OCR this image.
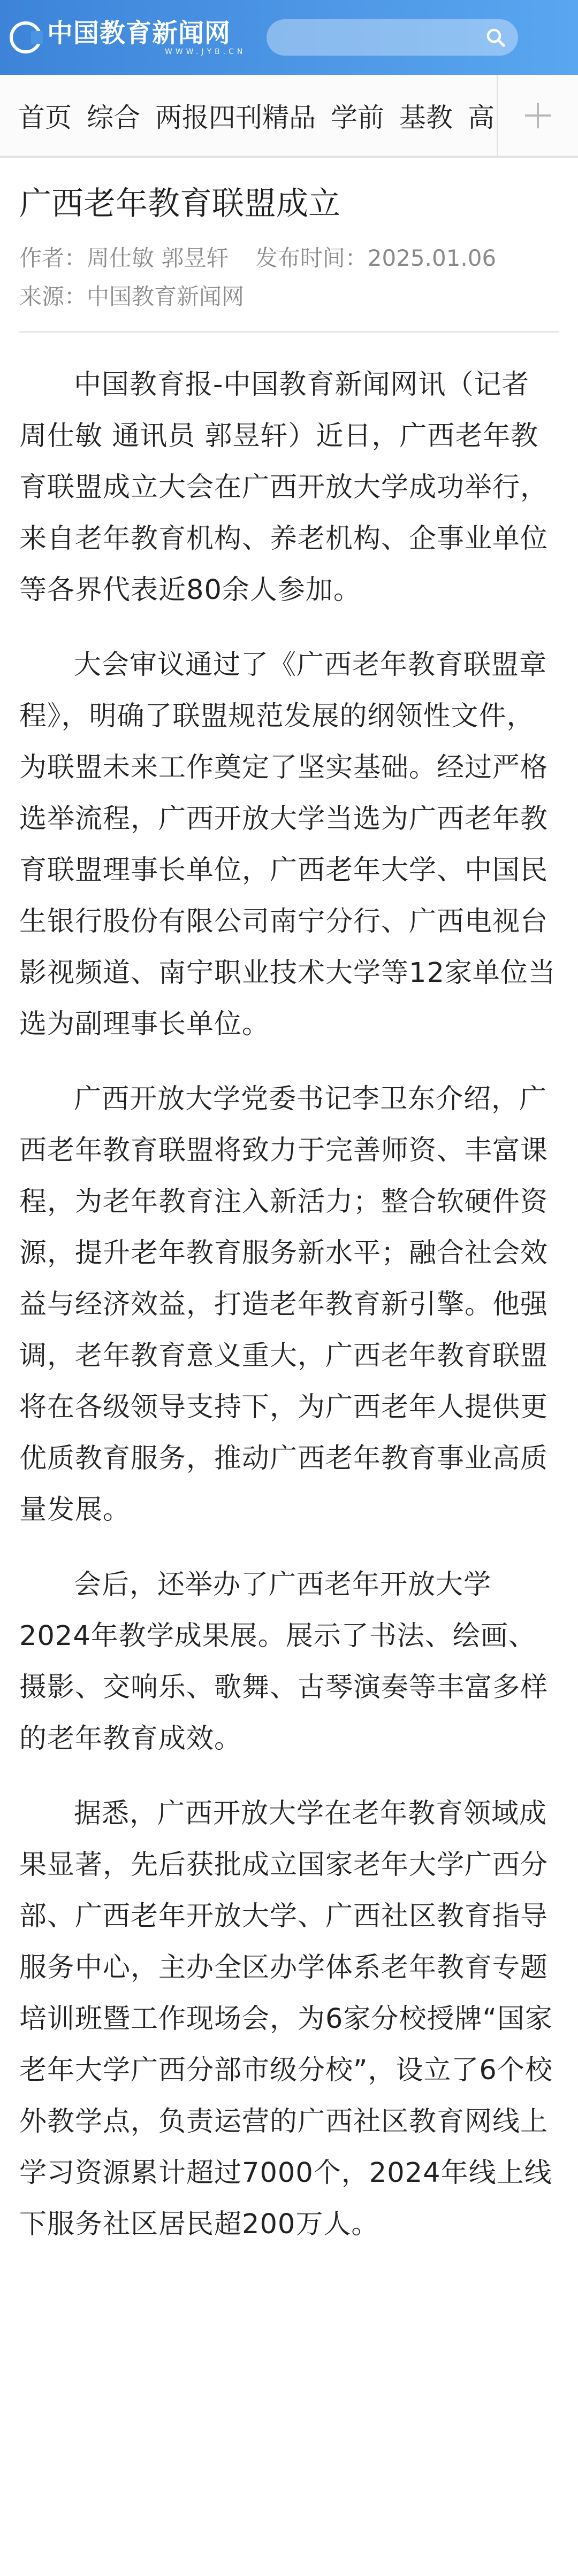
中国教育新闻网
WWW.JYB.CN
首页 综合 两报四刊精品 学前 基教 高
广西老年教育联盟成立
作者：周仕敏 郭昱轩 发布时间：2025.01.06
来源：中国教育新闻网

中国教育报-中国教育新闻网讯（记者 周仕敏 通讯员 郭昱轩）近日，广西老年教育联盟成立大会在广西开放大学成功举行，来自老年教育机构、养老机构、企事业单位等各界代表近80余人参加。

大会审议通过了《广西老年教育联盟章程》，明确了联盟规范发展的纲领性文件，为联盟未来工作奠定了坚实基础。经过严格选举流程，广西开放大学当选为广西老年教育联盟理事长单位，广西老年大学、中国民生银行股份有限公司南宁分行、广西电视台影视频道、南宁职业技术大学等12家单位当选为副理事长单位。

广西开放大学党委书记李卫东介绍，广西老年教育联盟将致力于完善师资、丰富课程，为老年教育注入新活力；整合软硬件资源，提升老年教育服务新水平；融合社会效益与经济效益，打造老年教育新引擎。他强调，老年教育意义重大，广西老年教育联盟将在各级领导支持下，为广西老年人提供更优质教育服务，推动广西老年教育事业高质量发展。

会后，还举办了广西老年开放大学2024年教学成果展。展示了书法、绘画、摄影、交响乐、歌舞、古琴演奏等丰富多样的老年教育成效。

据悉，广西开放大学在老年教育领域成果显著，先后获批成立国家老年大学广西分部、广西老年开放大学、广西社区教育指导服务中心，主办全区办学体系老年教育专题培训班暨工作现场会，为6家分校授牌“国家老年大学广西分部市级分校”，设立了6个校外教学点，负责运营的广西社区教育网线上学习资源累计超过7000个，2024年线上线下服务社区居民超200万人。
